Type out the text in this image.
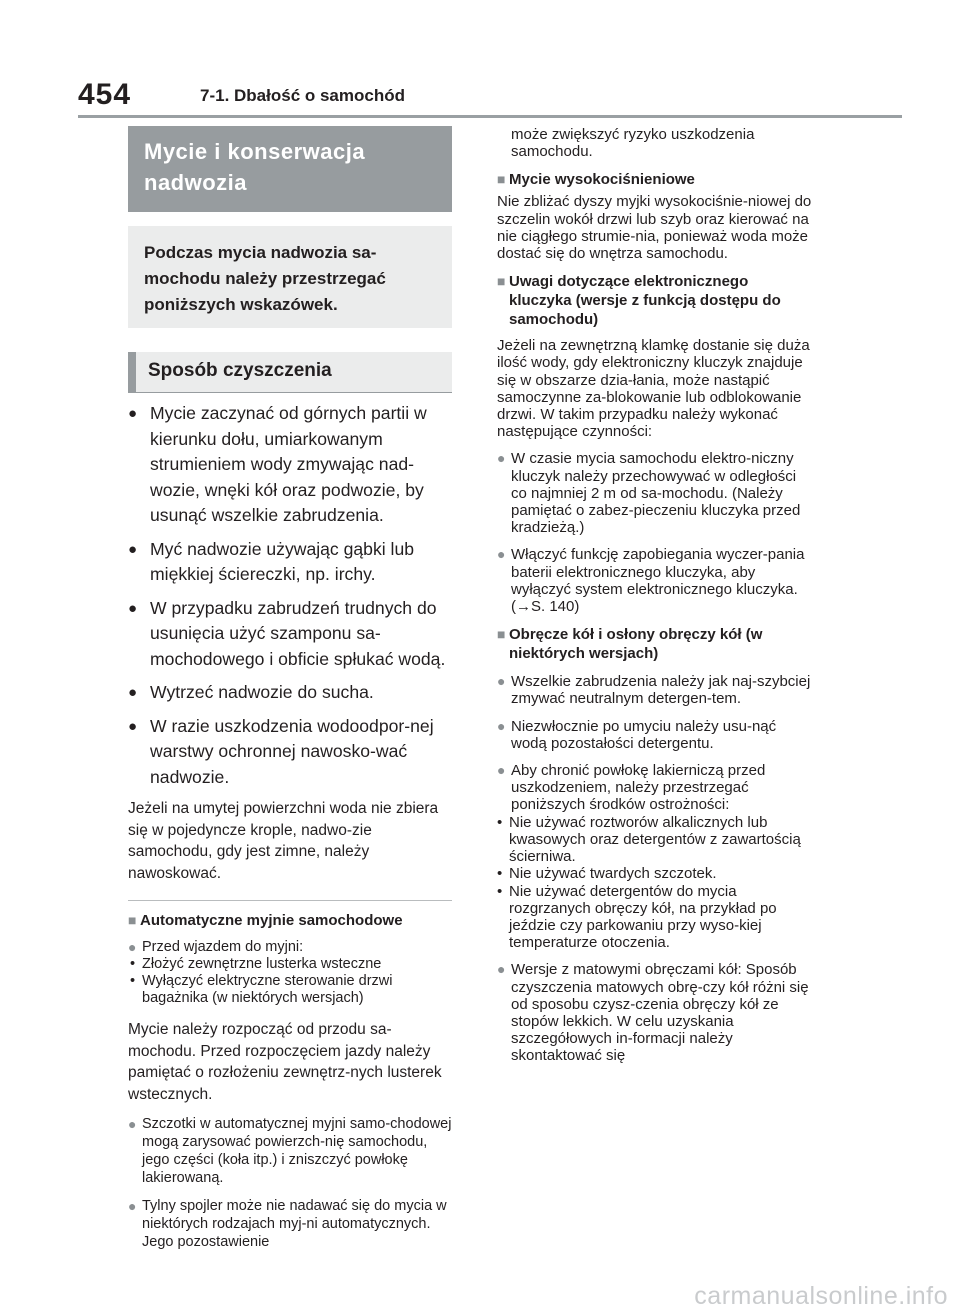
454	7-1. Dbałość o samochód
Mycie i konserwacja nadwozia
Podczas mycia nadwozia sa-mochodu należy przestrzegać poniższych wskazówek.
Sposób czyszczenia
● Mycie zaczynać od górnych partii w kierunku dołu, umiarkowanym strumieniem wody zmywając nad-wozie, wnęki kół oraz podwozie, by usunąć wszelkie zabrudzenia.
● Myć nadwozie używając gąbki lub miękkiej ściereczki, np. irchy.
● W przypadku zabrudzeń trudnych do usunięcia użyć szamponu sa-mochodowego i obficie spłukać wodą.
● Wytrzeć nadwozie do sucha.
● W razie uszkodzenia wodoodpor-nej warstwy ochronnej nawosko-wać nadwozie.
Jeżeli na umytej powierzchni woda nie zbiera się w pojedyncze krople, nadwo-zie samochodu, gdy jest zimne, należy nawoskować.
■ Automatyczne myjnie samochodowe
● Przed wjazdem do myjni:
• Złożyć zewnętrzne lusterka wsteczne
• Wyłączyć elektryczne sterowanie drzwi bagażnika (w niektórych wersjach)
Mycie należy rozpocząć od przodu sa-mochodu. Przed rozpoczęciem jazdy należy pamiętać o rozłożeniu zewnętrz-nych lusterek wstecznych.
● Szczotki w automatycznej myjni samo-chodowej mogą zarysować powierzch-nię samochodu, jego części (koła itp.) i zniszczyć powłokę lakierowaną.
● Tylny spojler może nie nadawać się do mycia w niektórych rodzajach myj-ni automatycznych. Jego pozostawienie
może zwiększyć ryzyko uszkodzenia samochodu.
■ Mycie wysokociśnieniowe
Nie zbliżać dyszy myjki wysokociśnie-niowej do szczelin wokół drzwi lub szyb oraz kierować na nie ciągłego strumie-nia, ponieważ woda może dostać się do wnętrza samochodu.
■ Uwagi dotyczące elektronicznego kluczyka (wersje z funkcją dostępu do samochodu)
Jeżeli na zewnętrzną klamkę dostanie się duża ilość wody, gdy elektroniczny kluczyk znajduje się w obszarze dzia-łania, może nastąpić samoczynne za-blokowanie lub odblokowanie drzwi. W takim przypadku należy wykonać następujące czynności:
● W czasie mycia samochodu elektro-niczny kluczyk należy przechowywać w odległości co najmniej 2 m od sa-mochodu. (Należy pamiętać o zabez-pieczeniu kluczyka przed kradzieżą.)
● Włączyć funkcję zapobiegania wyczer-pania baterii elektronicznego kluczyka, aby wyłączyć system elektronicznego kluczyka. (→S. 140)
■ Obręcze kół i osłony obręczy kół (w niektórych wersjach)
● Wszelkie zabrudzenia należy jak naj-szybciej zmywać neutralnym detergen-tem.
● Niezwłocznie po umyciu należy usu-nąć wodą pozostałości detergentu.
● Aby chronić powłokę lakierniczą przed uszkodzeniem, należy przestrzegać poniższych środków ostrożności:
• Nie używać roztworów alkalicznych lub kwasowych oraz detergentów z zawartością ścierniwa.
• Nie używać twardych szczotek.
• Nie używać detergentów do mycia rozgrzanych obręczy kół, na przykład po jeździe czy parkowaniu przy wyso-kiej temperaturze otoczenia.
● Wersje z matowymi obręczami kół: Sposób czyszczenia matowych obrę-czy kół różni się od sposobu czysz-czenia obręczy kół ze stopów lekkich. W celu uzyskania szczegółowych in-formacji należy skontaktować się
carmanualsonline.info
